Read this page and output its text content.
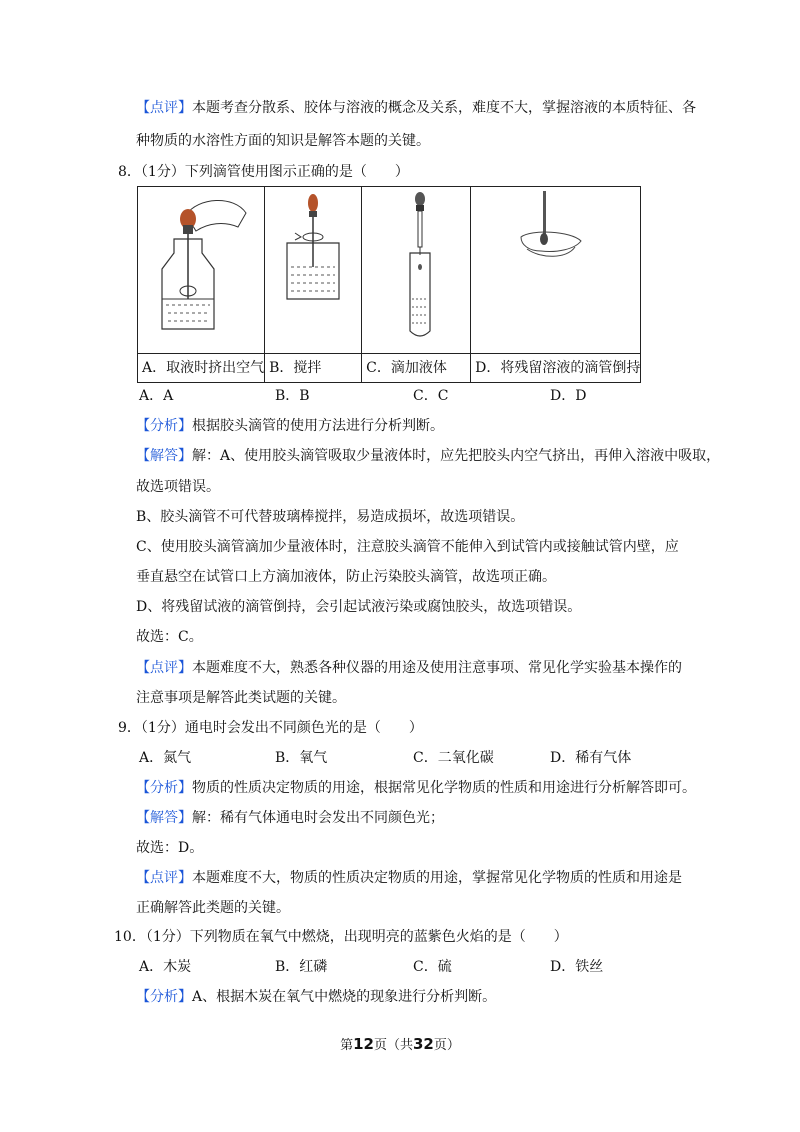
【点评】本题考查分散系、胶体与溶液的概念及关系，难度不大，掌握溶液的本质特征、各
种物质的水溶性方面的知识是解答本题的关键。
8．（1分）下列滴管使用图示正确的是（　　）

A．取液时挤出空气	B．搅拌	C．滴加液体	D．将残留溶液的滴管倒持
A．A	B．B	C．C	D．D
【分析】根据胶头滴管的使用方法进行分析判断。
【解答】解：A、使用胶头滴管吸取少量液体时，应先把胶头内空气挤出，再伸入溶液中吸取，
故选项错误。
B、胶头滴管不可代替玻璃棒搅拌，易造成损坏，故选项错误。
C、使用胶头滴管滴加少量液体时，注意胶头滴管不能伸入到试管内或接触试管内壁，应
垂直悬空在试管口上方滴加液体，防止污染胶头滴管，故选项正确。
D、将残留试液的滴管倒持，会引起试液污染或腐蚀胶头，故选项错误。
故选：C。
【点评】本题难度不大，熟悉各种仪器的用途及使用注意事项、常见化学实验基本操作的
注意事项是解答此类试题的关键。
9．（1分）通电时会发出不同颜色光的是（　　）
A．氮气	B．氧气	C．二氧化碳	D．稀有气体
【分析】物质的性质决定物质的用途，根据常见化学物质的性质和用途进行分析解答即可。
【解答】解：稀有气体通电时会发出不同颜色光；
故选：D。
【点评】本题难度不大，物质的性质决定物质的用途，掌握常见化学物质的性质和用途是
正确解答此类题的关键。
10．（1分）下列物质在氧气中燃烧，出现明亮的蓝紫色火焰的是（　　）
A．木炭	B．红磷	C．硫	D．铁丝
【分析】A、根据木炭在氧气中燃烧的现象进行分析判断。
第12页（共32页）
